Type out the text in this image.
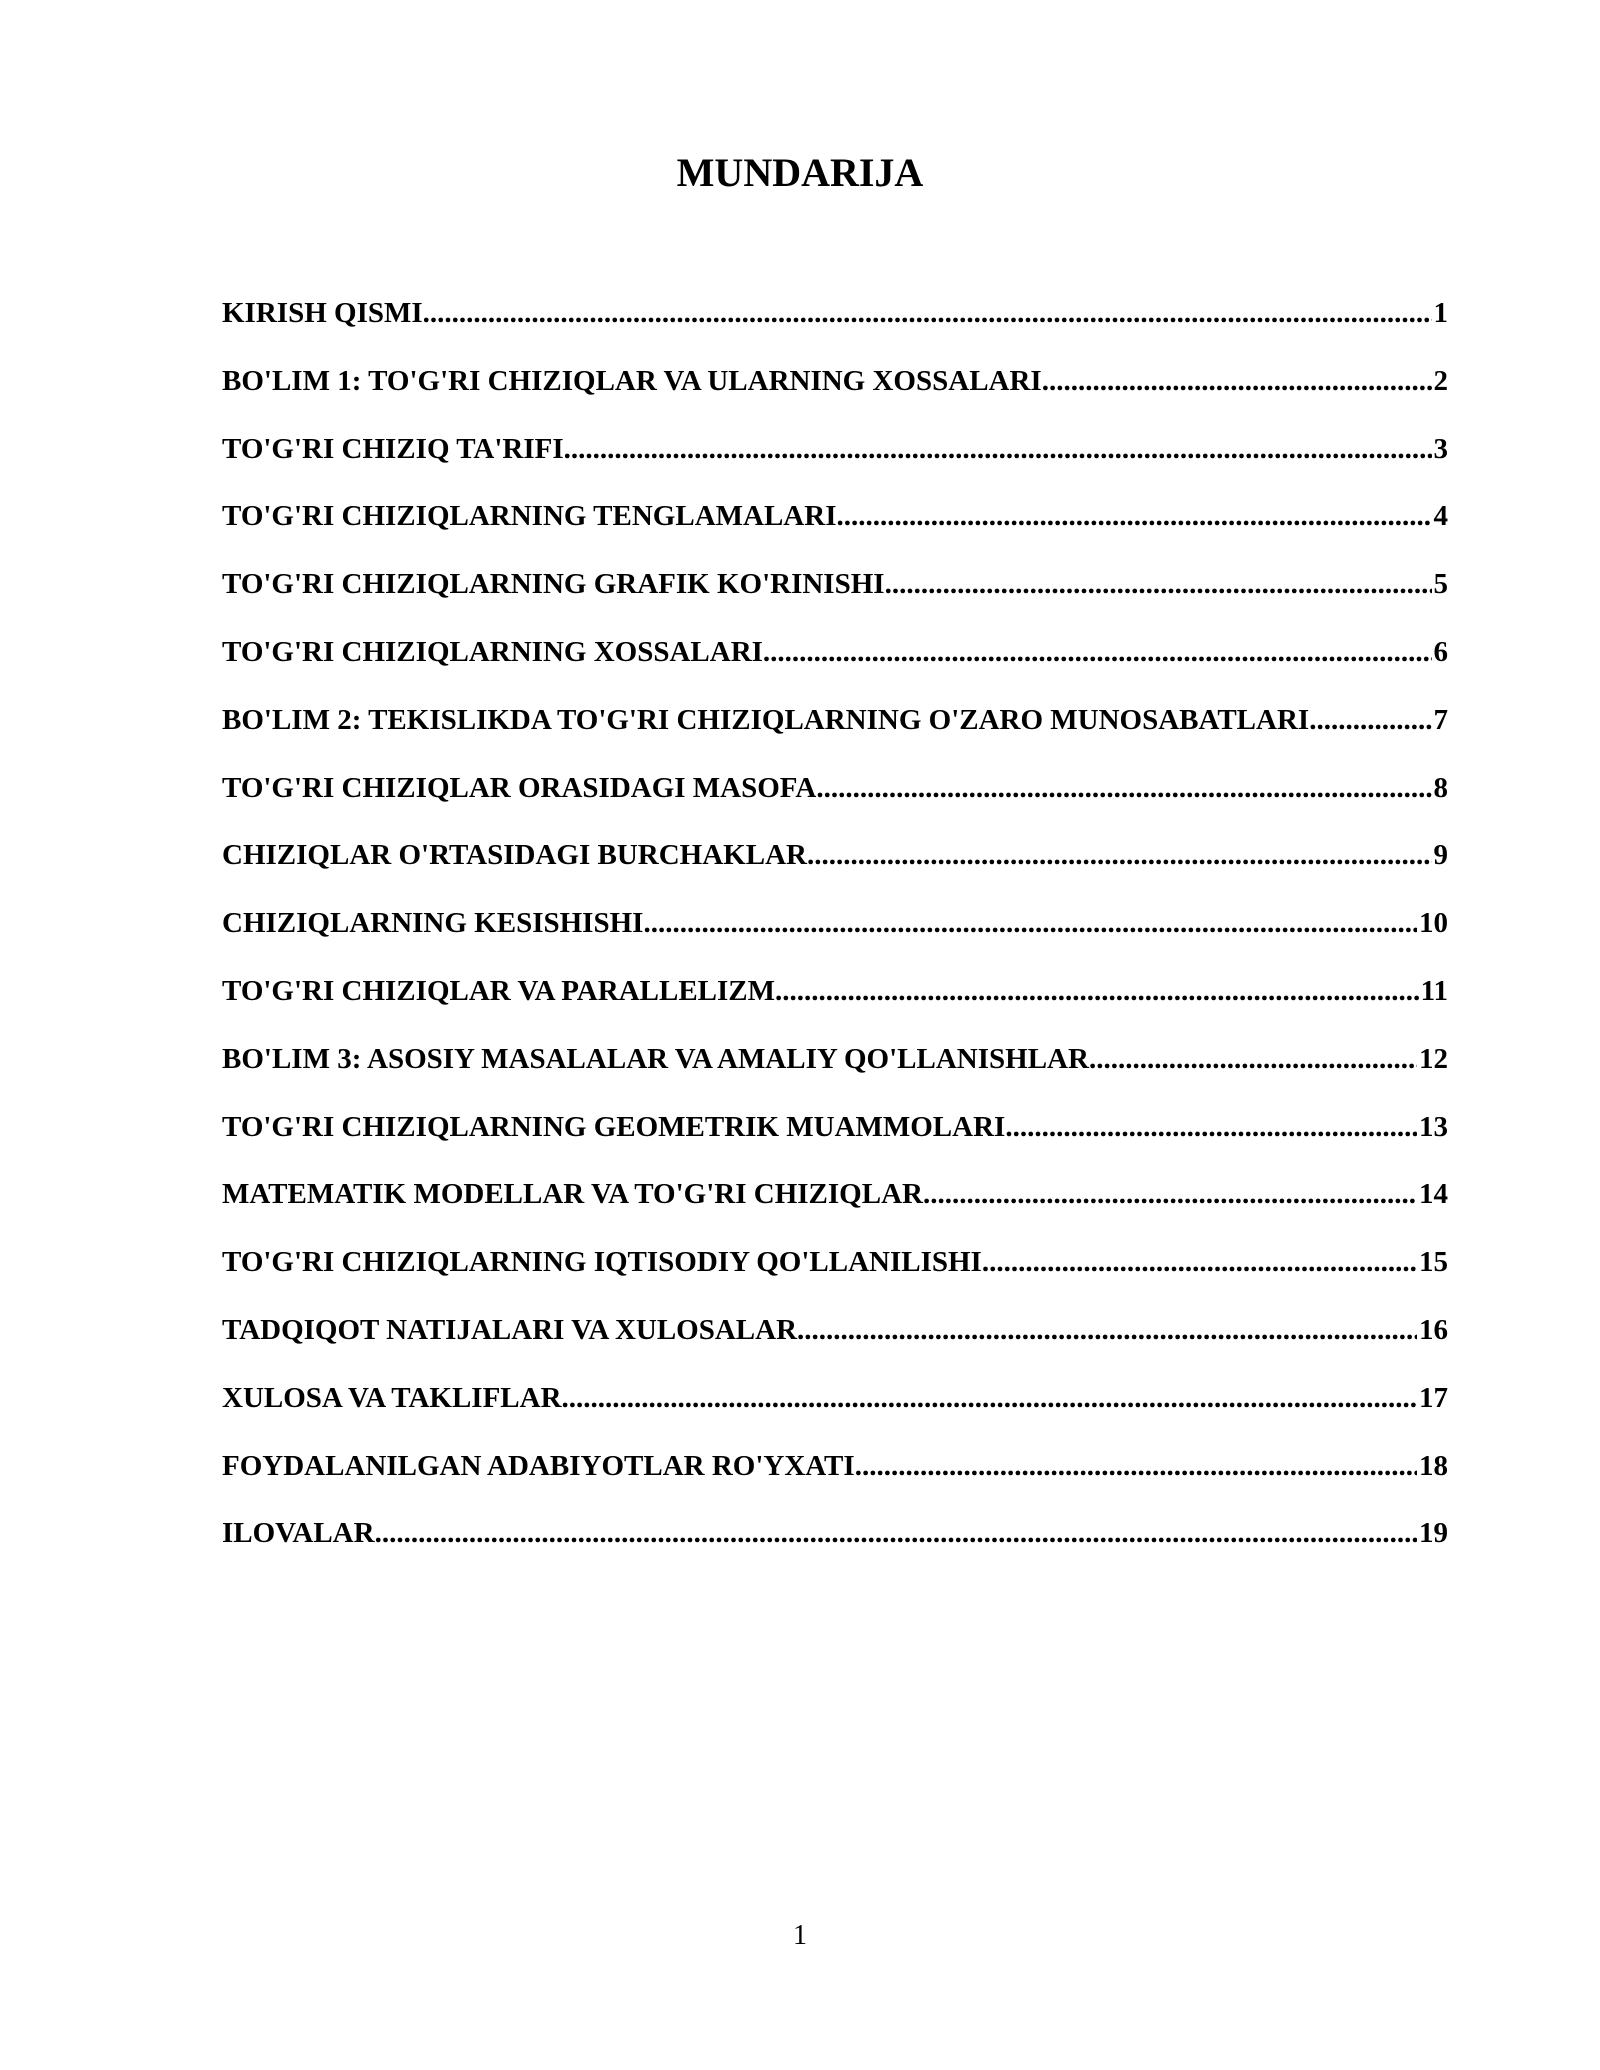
MUNDARIJA
KIRISH QISMI .....	1
BO'LIM 1: TO'G'RI CHIZIQLAR VA ULARNING XOSSALARI .....	2
TO'G'RI CHIZIQ TA'RIFI .....	3
TO'G'RI CHIZIQLARNING TENGLAMALARI .....	4
TO'G'RI CHIZIQLARNING GRAFIK KO'RINISHI .....	5
TO'G'RI CHIZIQLARNING XOSSALARI .....	6
BO'LIM 2: TEKISLIKDA TO'G'RI CHIZIQLARNING O'ZARO MUNOSABATLARI .....	7
TO'G'RI CHIZIQLAR ORASIDAGI MASOFA .....	8
CHIZIQLAR O'RTASIDAGI BURCHAKLAR .....	9
CHIZIQLARNING KESISHISHI .....	10
TO'G'RI CHIZIQLAR VA PARALLELIZM .....	11
BO'LIM 3: ASOSIY MASALALAR VA AMALIY QO'LLANISHLAR .....	12
TO'G'RI CHIZIQLARNING GEOMETRIK MUAMMOLARI .....	13
MATEMATIK MODELLAR VA TO'G'RI CHIZIQLAR .....	14
TO'G'RI CHIZIQLARNING IQTISODIY QO'LLANILISHI .....	15
TADQIQOT NATIJALARI VA XULOSALAR .....	16
XULOSA VA TAKLIFLAR .....	17
FOYDALANILGAN ADABIYOTLAR RO'YXATI .....	18
ILOVALAR .....	19
1
